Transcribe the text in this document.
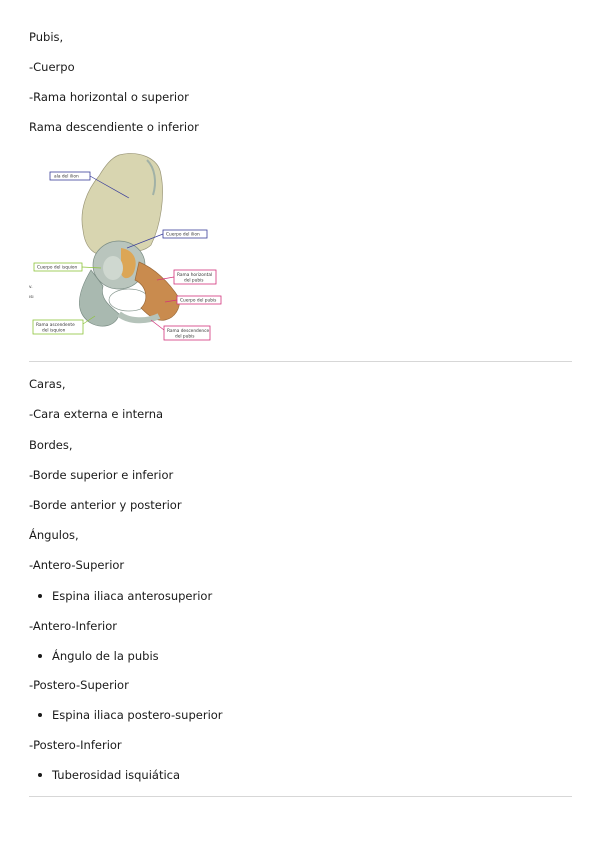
Pubis,
-Cuerpo
-Rama horizontal o superior
Rama descendiente o inferior
ala del ilion
Cuerpo del ilion
Cuerpo del isquion
Rama horizontal
del pubis
Cuerpo del pubis
Rama ascendente
del isquion	Rama descendence
del pubis
v.
ısı
Caras,
-Cara externa e interna
Bordes,
-Borde superior e inferior
-Borde anterior y posterior
Ángulos,
-Antero-Superior
Espina iliaca anterosuperior
-Antero-Inferior
Ángulo de la pubis
-Postero-Superior
Espina iliaca postero-superior
-Postero-Inferior
Tuberosidad isquiática
